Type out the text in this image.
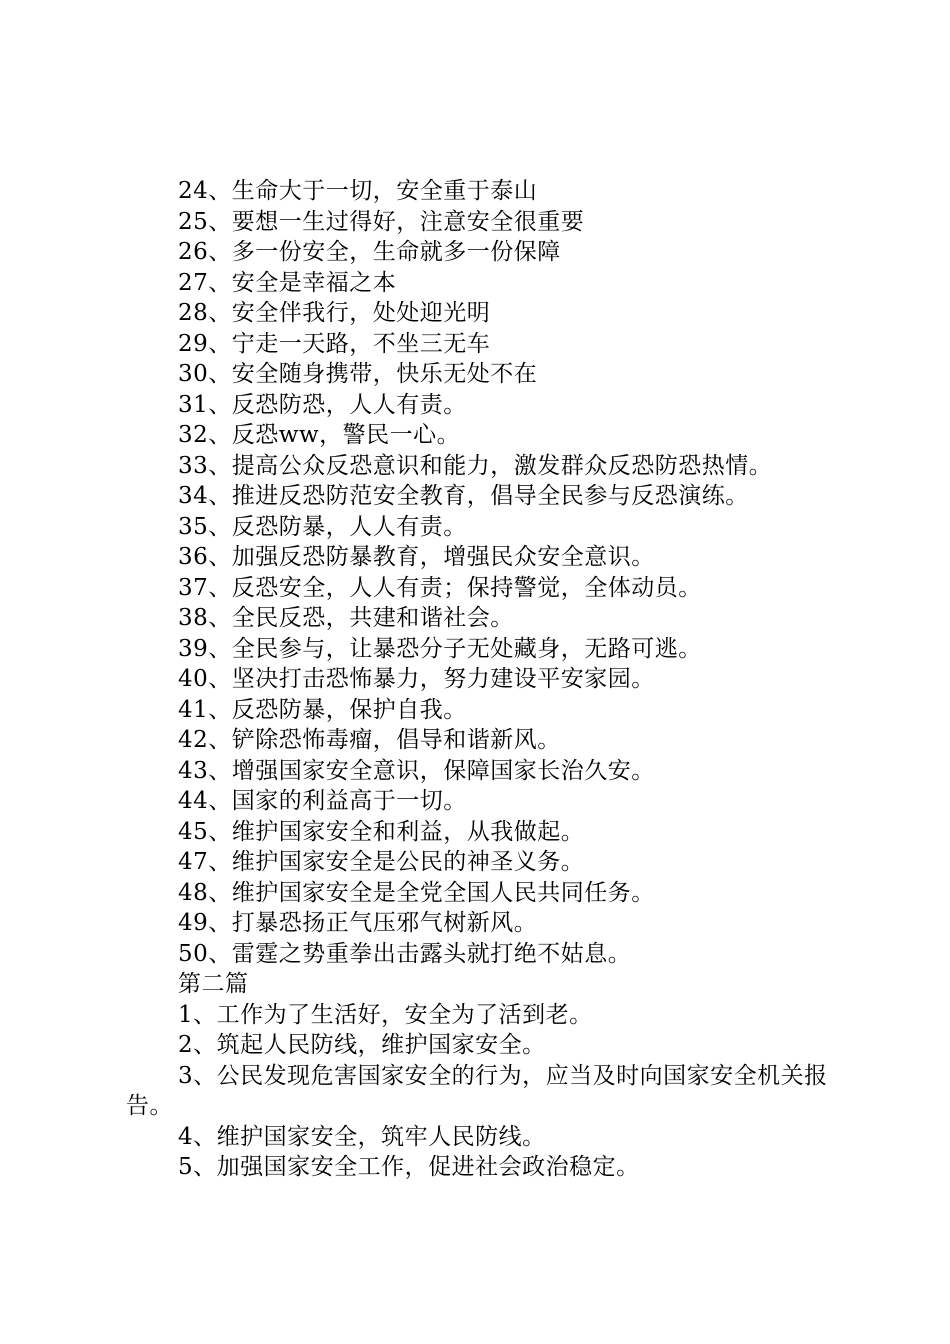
24、生命大于一切，安全重于泰山

25、要想一生过得好，注意安全很重要

26、多一份安全，生命就多一份保障

27、安全是幸福之本

28、安全伴我行，处处迎光明

29、宁走一天路，不坐三无车

30、安全随身携带，快乐无处不在

31、反恐防恐，人人有责。

32、反恐ww，警民一心。

33、提高公众反恐意识和能力，激发群众反恐防恐热情。

34、推进反恐防范安全教育，倡导全民参与反恐演练。

35、反恐防暴，人人有责。

36、加强反恐防暴教育，增强民众安全意识。

37、反恐安全，人人有责；保持警觉，全体动员。

38、全民反恐，共建和谐社会。

39、全民参与，让暴恐分子无处藏身，无路可逃。

40、坚决打击恐怖暴力，努力建设平安家园。

41、反恐防暴，保护自我。

42、铲除恐怖毒瘤，倡导和谐新风。

43、增强国家安全意识，保障国家长治久安。

44、国家的利益高于一切。

45、维护国家安全和利益，从我做起。

47、维护国家安全是公民的神圣义务。

48、维护国家安全是全党全国人民共同任务。

49、打暴恐扬正气压邪气树新风。

50、雷霆之势重拳出击露头就打绝不姑息。

第二篇

1、工作为了生活好，安全为了活到老。

2、筑起人民防线，维护国家安全。

3、公民发现危害国家安全的行为，应当及时向国家安全机关报告。

4、维护国家安全，筑牢人民防线。

5、加强国家安全工作，促进社会政治稳定。
